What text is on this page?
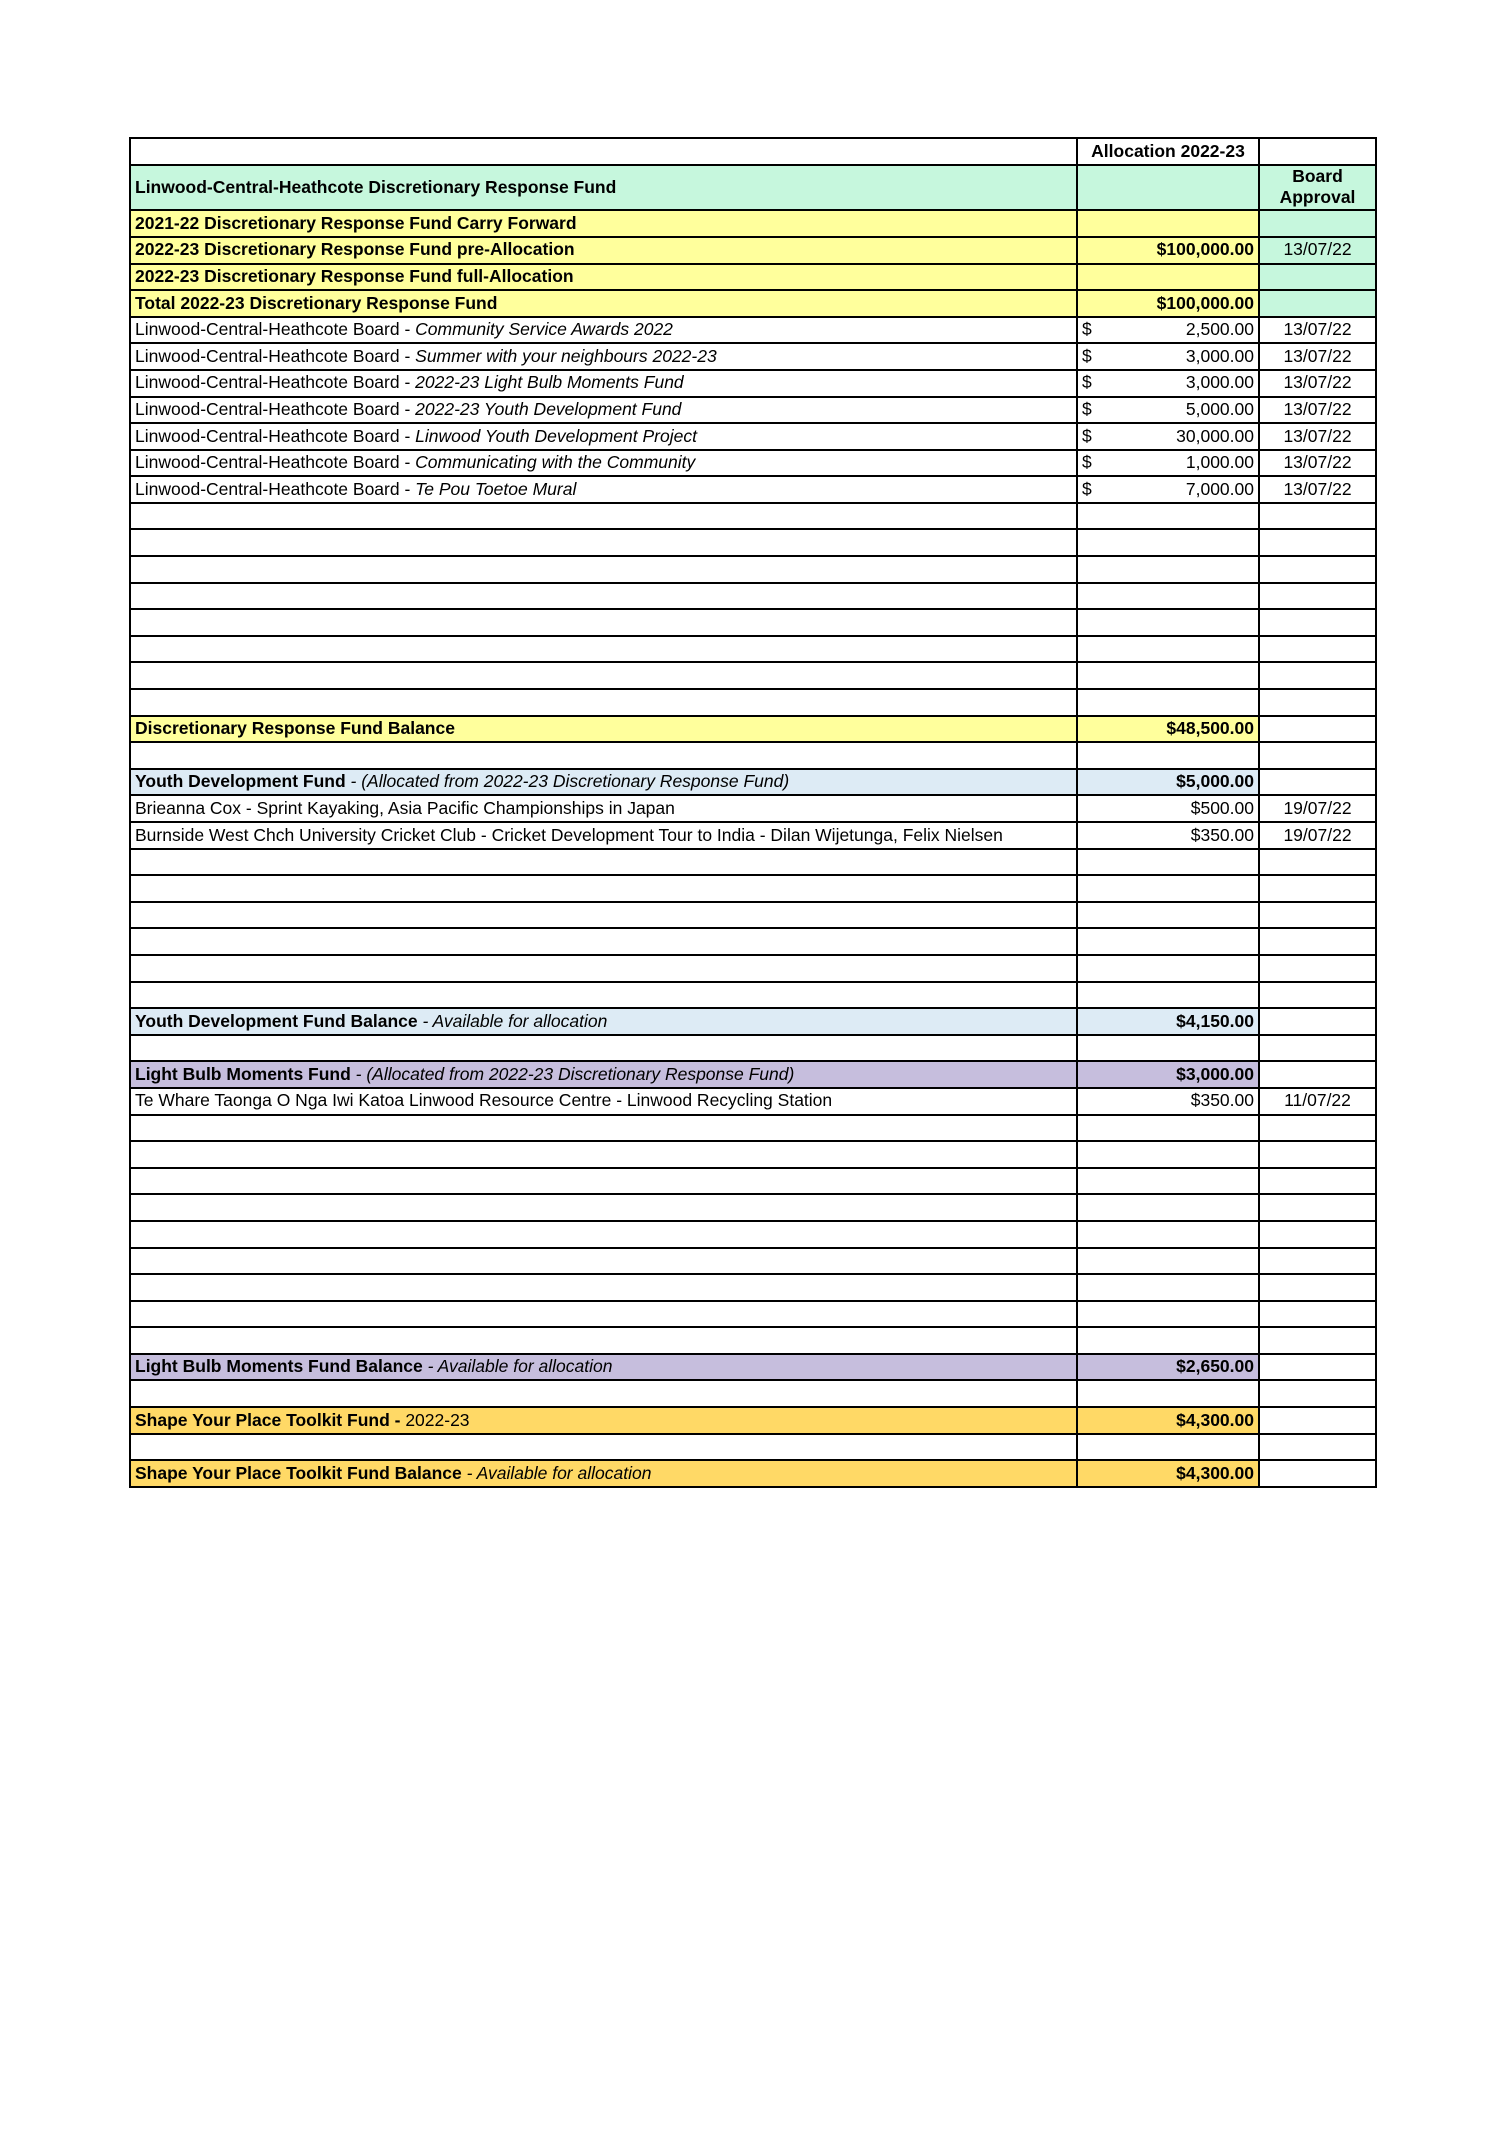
	Allocation 2022-23	
Linwood-Central-Heathcote Discretionary Response Fund		Board Approval
2021-22 Discretionary Response Fund Carry Forward		
2022-23 Discretionary Response Fund pre-Allocation	$100,000.00	13/07/22
2022-23 Discretionary Response Fund full-Allocation		
Total 2022-23 Discretionary Response Fund	$100,000.00	
Linwood-Central-Heathcote Board - Community Service Awards 2022	$ 2,500.00	13/07/22
Linwood-Central-Heathcote Board - Summer with your neighbours 2022-23	$ 3,000.00	13/07/22
Linwood-Central-Heathcote Board - 2022-23 Light Bulb Moments Fund	$ 3,000.00	13/07/22
Linwood-Central-Heathcote Board - 2022-23 Youth Development Fund	$ 5,000.00	13/07/22
Linwood-Central-Heathcote Board - Linwood Youth Development Project	$ 30,000.00	13/07/22
Linwood-Central-Heathcote Board - Communicating with the Community	$ 1,000.00	13/07/22
Linwood-Central-Heathcote Board - Te Pou Toetoe Mural	$ 7,000.00	13/07/22

Discretionary Response Fund Balance	$48,500.00	

Youth Development Fund - (Allocated from 2022-23 Discretionary Response Fund)	$5,000.00	
Brieanna Cox - Sprint Kayaking, Asia Pacific Championships in Japan	$500.00	19/07/22
Burnside West Chch University Cricket Club - Cricket Development Tour to India - Dilan Wijetunga, Felix Nielsen	$350.00	19/07/22

Youth Development Fund Balance - Available for allocation	$4,150.00	

Light Bulb Moments Fund - (Allocated from 2022-23 Discretionary Response Fund)	$3,000.00	
Te Whare Taonga O Nga Iwi Katoa Linwood Resource Centre - Linwood Recycling Station	$350.00	11/07/22

Light Bulb Moments Fund Balance - Available for allocation	$2,650.00	

Shape Your Place Toolkit Fund - 2022-23	$4,300.00	

Shape Your Place Toolkit Fund Balance - Available for allocation	$4,300.00	
